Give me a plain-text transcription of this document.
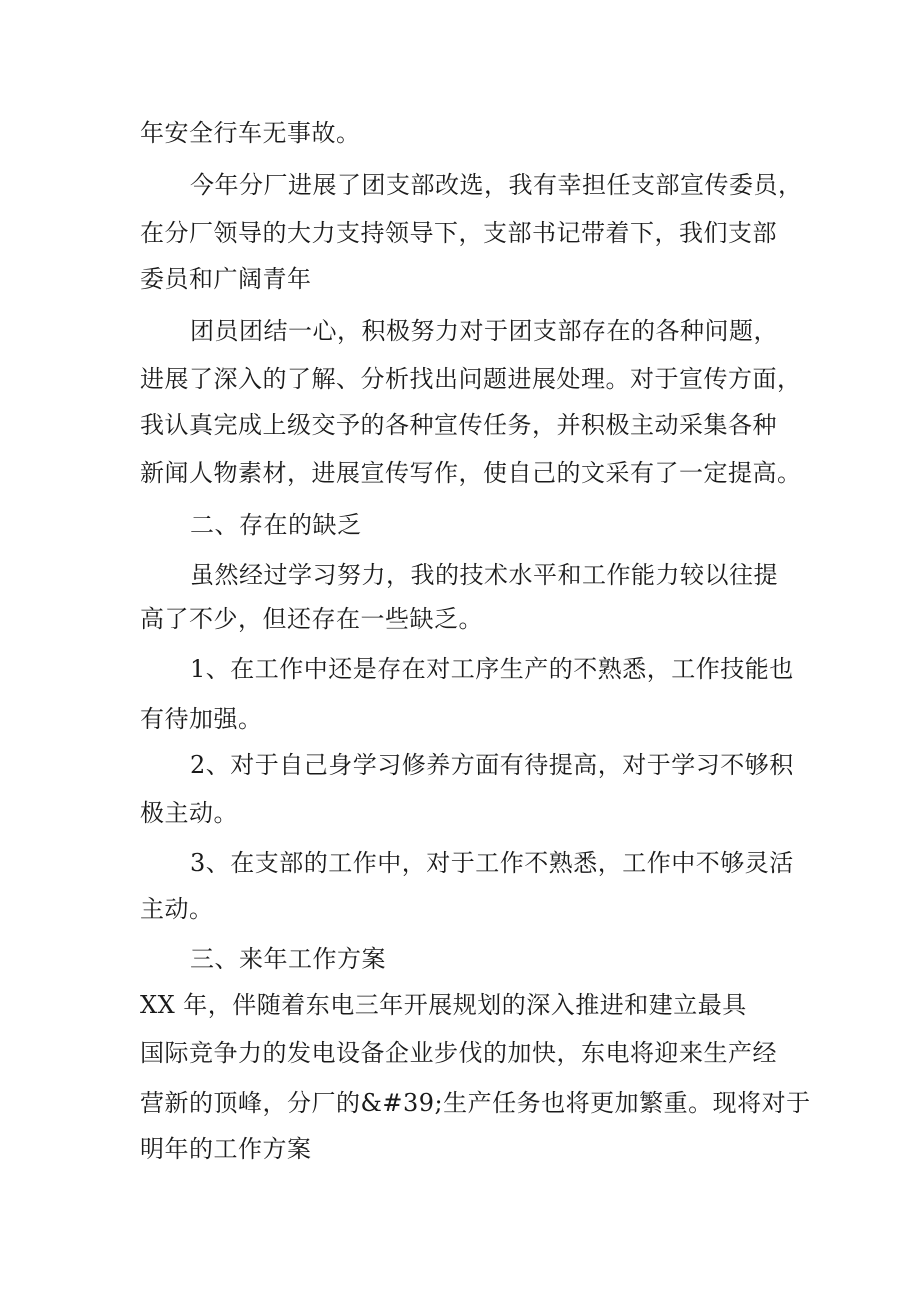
年安全行车无事故。
今年分厂进展了团支部改选，我有幸担任支部宣传委员，
在分厂领导的大力支持领导下，支部书记带着下，我们支部
委员和广阔青年
团员团结一心，积极努力对于团支部存在的各种问题，
进展了深入的了解、分析找出问题进展处理。对于宣传方面，
我认真完成上级交予的各种宣传任务，并积极主动采集各种
新闻人物素材，进展宣传写作，使自己的文采有了一定提高。
二、存在的缺乏
虽然经过学习努力，我的技术水平和工作能力较以往提
高了不少，但还存在一些缺乏。
1、在工作中还是存在对工序生产的不熟悉，工作技能也
有待加强。
2、对于自己身学习修养方面有待提高，对于学习不够积
极主动。
3、在支部的工作中，对于工作不熟悉，工作中不够灵活
主动。
三、来年工作方案
XX 年，伴随着东电三年开展规划的深入推进和建立最具
国际竞争力的发电设备企业步伐的加快，东电将迎来生产经
营新的顶峰，分厂的&#39;生产任务也将更加繁重。现将对于
明年的工作方案
